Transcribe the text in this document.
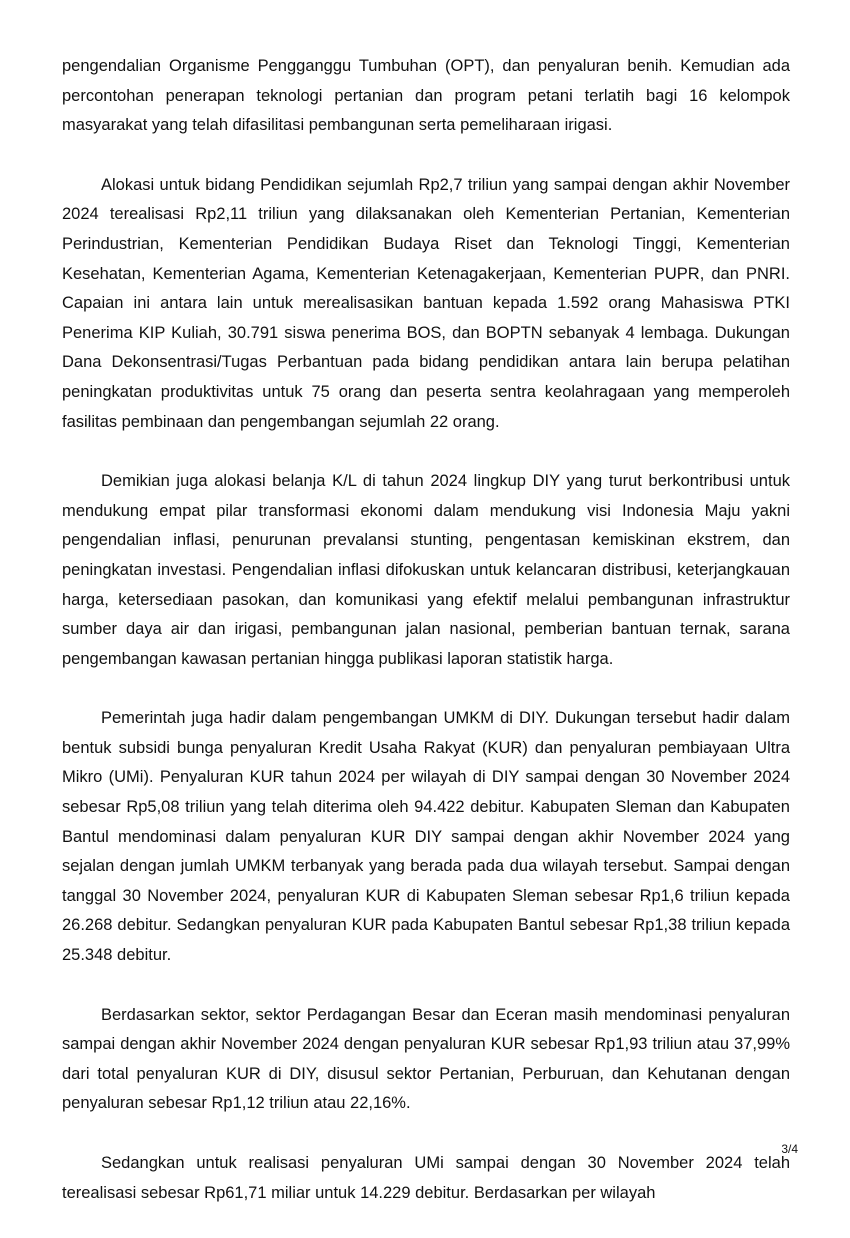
pengendalian Organisme Pengganggu Tumbuhan (OPT), dan penyaluran benih. Kemudian ada percontohan penerapan teknologi pertanian dan program petani terlatih bagi 16 kelompok masyarakat yang telah difasilitasi pembangunan serta pemeliharaan irigasi.

Alokasi untuk bidang Pendidikan sejumlah Rp2,7 triliun yang sampai dengan akhir November 2024 terealisasi Rp2,11 triliun yang dilaksanakan oleh Kementerian Pertanian, Kementerian Perindustrian, Kementerian Pendidikan Budaya Riset dan Teknologi Tinggi, Kementerian Kesehatan, Kementerian Agama, Kementerian Ketenagakerjaan, Kementerian PUPR, dan PNRI. Capaian ini antara lain untuk merealisasikan bantuan kepada 1.592 orang Mahasiswa PTKI Penerima KIP Kuliah, 30.791 siswa penerima BOS, dan BOPTN sebanyak 4 lembaga. Dukungan Dana Dekonsentrasi/Tugas Perbantuan pada bidang pendidikan antara lain berupa pelatihan peningkatan produktivitas untuk 75 orang dan peserta sentra keolahragaan yang memperoleh fasilitas pembinaan dan pengembangan sejumlah 22 orang.

Demikian juga alokasi belanja K/L di tahun 2024 lingkup DIY yang turut berkontribusi untuk mendukung empat pilar transformasi ekonomi dalam mendukung visi Indonesia Maju yakni pengendalian inflasi, penurunan prevalansi stunting, pengentasan kemiskinan ekstrem, dan peningkatan investasi. Pengendalian inflasi difokuskan untuk kelancaran distribusi, keterjangkauan harga, ketersediaan pasokan, dan komunikasi yang efektif melalui pembangunan infrastruktur sumber daya air dan irigasi, pembangunan jalan nasional, pemberian bantuan ternak, sarana pengembangan kawasan pertanian hingga publikasi laporan statistik harga.

Pemerintah juga hadir dalam pengembangan UMKM di DIY. Dukungan tersebut hadir dalam bentuk subsidi bunga penyaluran Kredit Usaha Rakyat (KUR) dan penyaluran pembiayaan Ultra Mikro (UMi). Penyaluran KUR tahun 2024 per wilayah di DIY sampai dengan 30 November 2024 sebesar Rp5,08 triliun yang telah diterima oleh 94.422 debitur. Kabupaten Sleman dan Kabupaten Bantul mendominasi dalam penyaluran KUR DIY sampai dengan akhir November 2024 yang sejalan dengan jumlah UMKM terbanyak yang berada pada dua wilayah tersebut. Sampai dengan tanggal 30 November 2024, penyaluran KUR di Kabupaten Sleman sebesar Rp1,6 triliun kepada 26.268 debitur. Sedangkan penyaluran KUR pada Kabupaten Bantul sebesar Rp1,38 triliun kepada 25.348 debitur.

Berdasarkan sektor, sektor Perdagangan Besar dan Eceran masih mendominasi penyaluran sampai dengan akhir November 2024 dengan penyaluran KUR sebesar Rp1,93 triliun atau 37,99% dari total penyaluran KUR di DIY, disusul sektor Pertanian, Perburuan, dan Kehutanan dengan penyaluran sebesar Rp1,12 triliun atau 22,16%.

Sedangkan untuk realisasi penyaluran UMi sampai dengan 30 November 2024 telah terealisasi sebesar Rp61,71 miliar untuk 14.229 debitur. Berdasarkan per wilayah

3/4
